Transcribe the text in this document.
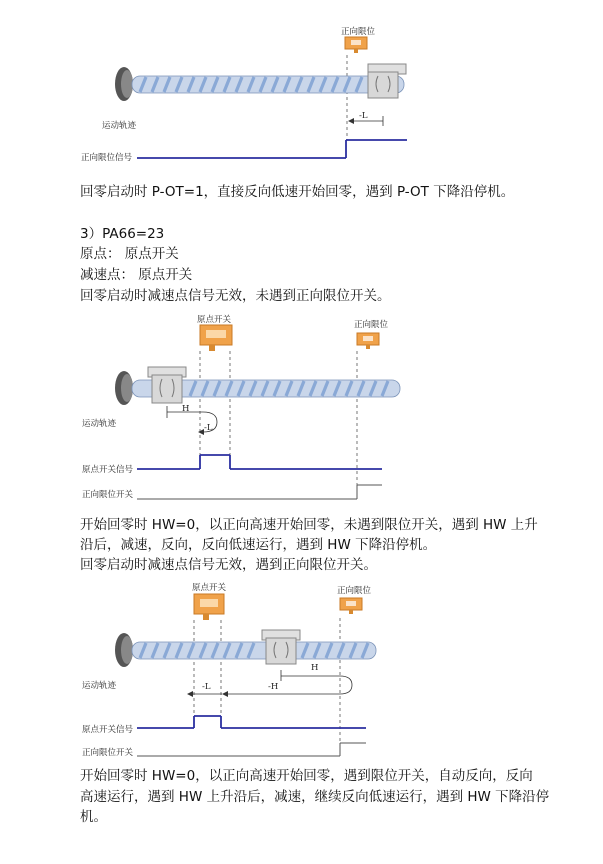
正向限位
运动轨迹
正向限位信号
-L
回零启动时 P-OT=1，直接反向低速开始回零，遇到 P-OT 下降沿停机。
3）PA66=23
原点： 原点开关
减速点： 原点开关
回零启动时减速点信号无效，未遇到正向限位开关。
原点开关	正向限位
运动轨迹
原点开关信号
正向限位开关
H
-L
开始回零时 HW=0，以正向高速开始回零，未遇到限位开关，遇到 HW 上升
沿后，减速，反向，反向低速运行，遇到 HW 下降沿停机。
回零启动时减速点信号无效，遇到正向限位开关。
原点开关	正向限位
运动轨迹
原点开关信号
正向限位开关
H
-H
-L
开始回零时 HW=0，以正向高速开始回零，遇到限位开关，自动反向，反向
高速运行，遇到 HW 上升沿后，减速，继续反向低速运行，遇到 HW 下降沿停
机。
